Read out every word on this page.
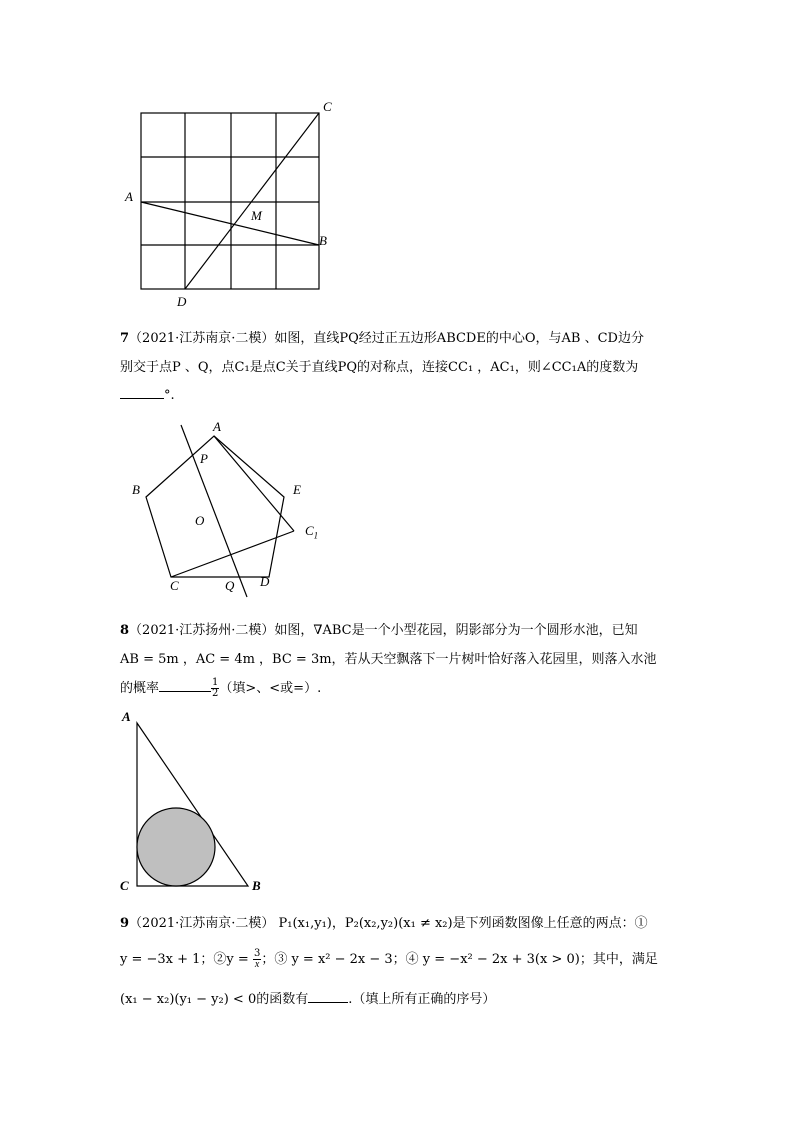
C
A
M
B
D
7（2021·江苏南京·二模）如图，直线PQ经过正五边形ABCDE的中心O，与AB 、CD边分
别交于点P 、Q，点C₁是点C关于直线PQ的对称点，连接CC₁ ，AC₁，则∠CC₁A的度数为
°.
A
P
B	E
O
$C_1$
C	Q D
8（2021·江苏扬州·二模）如图，∇ABC是一个小型花园，阴影部分为一个圆形水池，已知
AB = 5m ，AC = 4m ，BC = 3m，若从天空飘落下一片树叶恰好落入花园里，则落入水池
的概率	$\frac{1}{2}$ （填>、<或=）.
A
C	B
9（2021·江苏南京·二模） P₁(x₁,y₁)，P₂(x₂,y₂)(x₁ ≠ x₂)是下列函数图像上任意的两点：①
y = −3x + 1；②y = $\frac{3}{x}$ ；③ y = x² − 2x − 3；④ y = −x² − 2x + 3(x > 0)；其中，满足
(x₁ − x₂)(y₁ − y₂) < 0的函数有	.（填上所有正确的序号）
